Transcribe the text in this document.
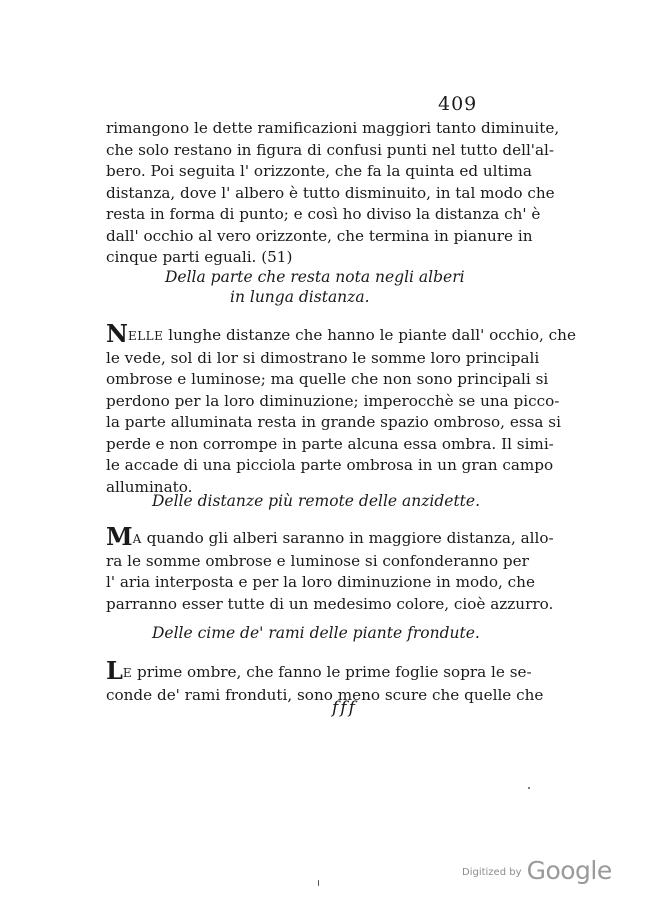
409
rimangono le dette ramificazioni maggiori tanto diminuite,
che solo restano in figura di confusi punti nel tutto dell'al-
bero. Poi seguita l' orizzonte, che fa la quinta ed ultima
distanza, dove l' albero è tutto disminuito, in tal modo che
resta in forma di punto; e così ho diviso la distanza ch' è
dall' occhio al vero orizzonte, che termina in pianure in
cinque parti eguali. (51)
Della parte che resta nota negli alberi
in lunga distanza.
NELLE lunghe distanze che hanno le piante dall' occhio, che
le vede, sol di lor si dimostrano le somme loro principali
ombrose e luminose; ma quelle che non sono principali si
perdono per la loro diminuzione; imperocchè se una picco-
la parte alluminata resta in grande spazio ombroso, essa si
perde e non corrompe in parte alcuna essa ombra. Il simi-
le accade di una picciola parte ombrosa in un gran campo
alluminato.
Delle distanze più remote delle anzidette.
MA quando gli alberi saranno in maggiore distanza, allo-
ra le somme ombrose e luminose si confonderanno per
l' aria interposta e per la loro diminuzione in modo, che
parranno esser tutte di un medesimo colore, cioè azzurro.
Delle cime de' rami delle piante frondute.
LE prime ombre, che fanno le prime foglie sopra le se-
conde de' rami fronduti, sono meno scure che quelle che
fff
Digitized by Google
